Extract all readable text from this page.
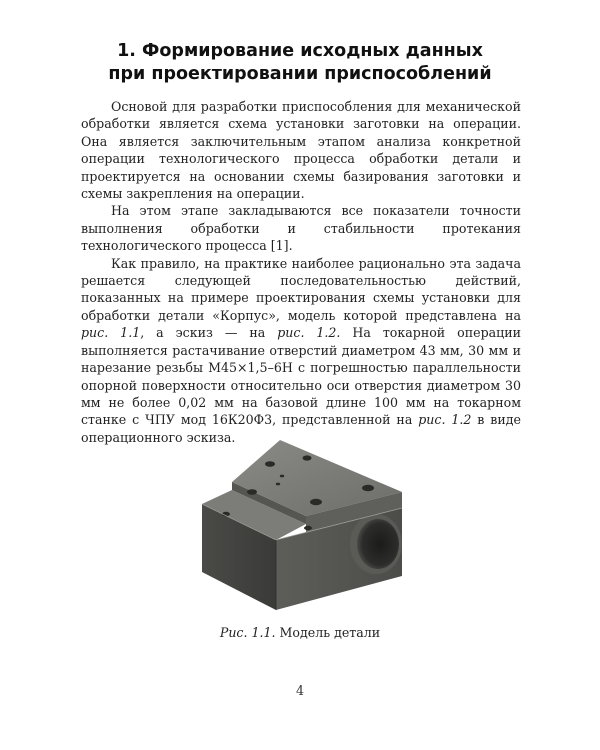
1. Формирование исходных данных
при проектировании приспособлений

Основой для разработки приспособления для механической обработки является схема установки заготовки на операции. Она является заключительным этапом анализа конкретной операции технологического процесса обработки детали и проектируется на основании схемы базирования заготовки и схемы закрепления на операции.

На этом этапе закладываются все показатели точности выполнения обработки и стабильности протекания технологического процесса [1].

Как правило, на практике наиболее рационально эта задача решается следующей последовательностью действий, показанных на примере проектирования схемы установки для обработки детали «Корпус», модель которой представлена на рис. 1.1, а эскиз — на рис. 1.2. На токарной операции выполняется растачивание отверстий диаметром 43 мм, 30 мм и нарезание резьбы М45×1,5–6Н с погрешностью параллельности опорной поверхности относительно оси отверстия диаметром 30 мм не более 0,02 мм на базовой длине 100 мм на токарном станке с ЧПУ мод 16К20Ф3, представленной на рис. 1.2 в виде операционного эскиза.

Рис. 1.1. Модель детали
4
